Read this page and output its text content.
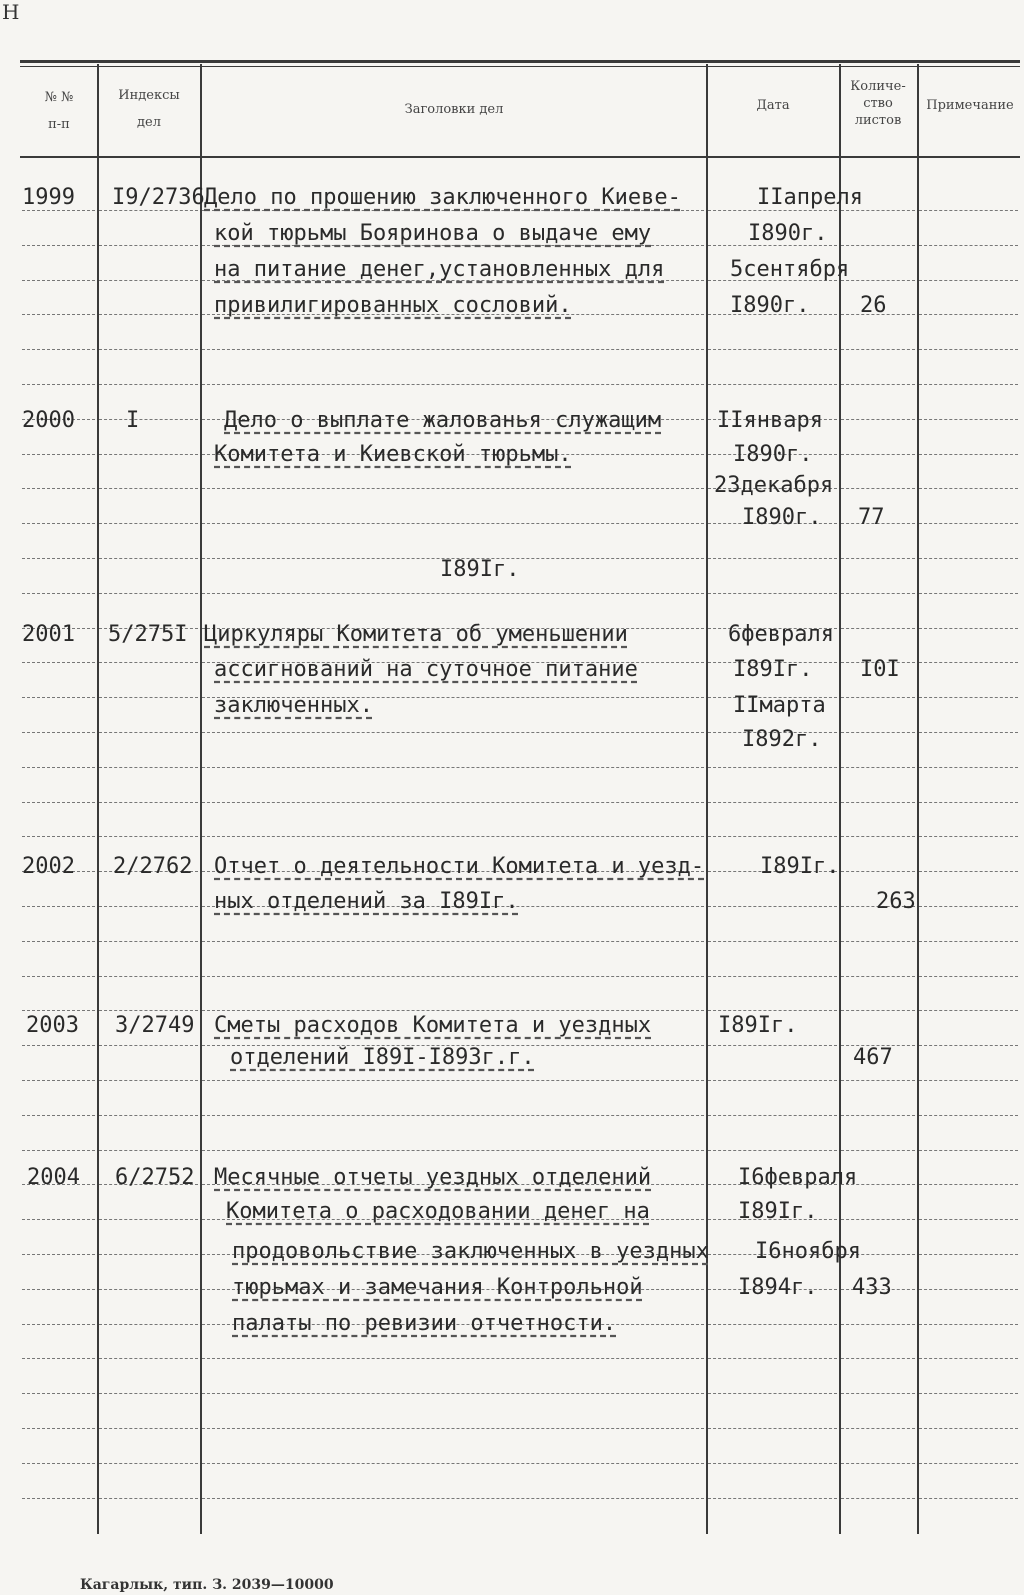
Н
№ №
п-п
Индексы
дел
Заголовки дел	Дата
Количе-
ство
листов
Примечание
1999 I9/2736 Дело по прошению заключенного Киеве-
кой тюрьмы Бояринова о выдаче ему
на питание денег,установленных для
привилигированных сословий.
IIапреля
I890г.
5сентября
I890г. 26
2000 I	Дело о выплате жалованья служащим
Комитета и Киевской тюрьмы.
IIянваря
I890г.
23декабря
I890г. 77
I89Iг.
2001 5/275I Циркуляры Комитета об уменьшении
ассигнований на суточное питание
заключенных.
6февраля
I89Iг.
IIмарта
I892г.
I0I
2002 2/2762 Отчет о деятельности Комитета и уезд-
ных отделений за I89Iг.
I89Iг.
263
2003 3/2749 Сметы расходов Комитета и уездных
отделений I89I-I893г.г.
I89Iг.
467
2004 6/2752 Месячные отчеты уездных отделений
Комитета о расходовании денег на
продовольствие заключенных в уездных
тюрьмах и замечания Контрольной
палаты по ревизии отчетности.
I6февраля
I89Iг.
I6ноября
I894г. 433
Кагарлык, тип. З. 2039—10000
